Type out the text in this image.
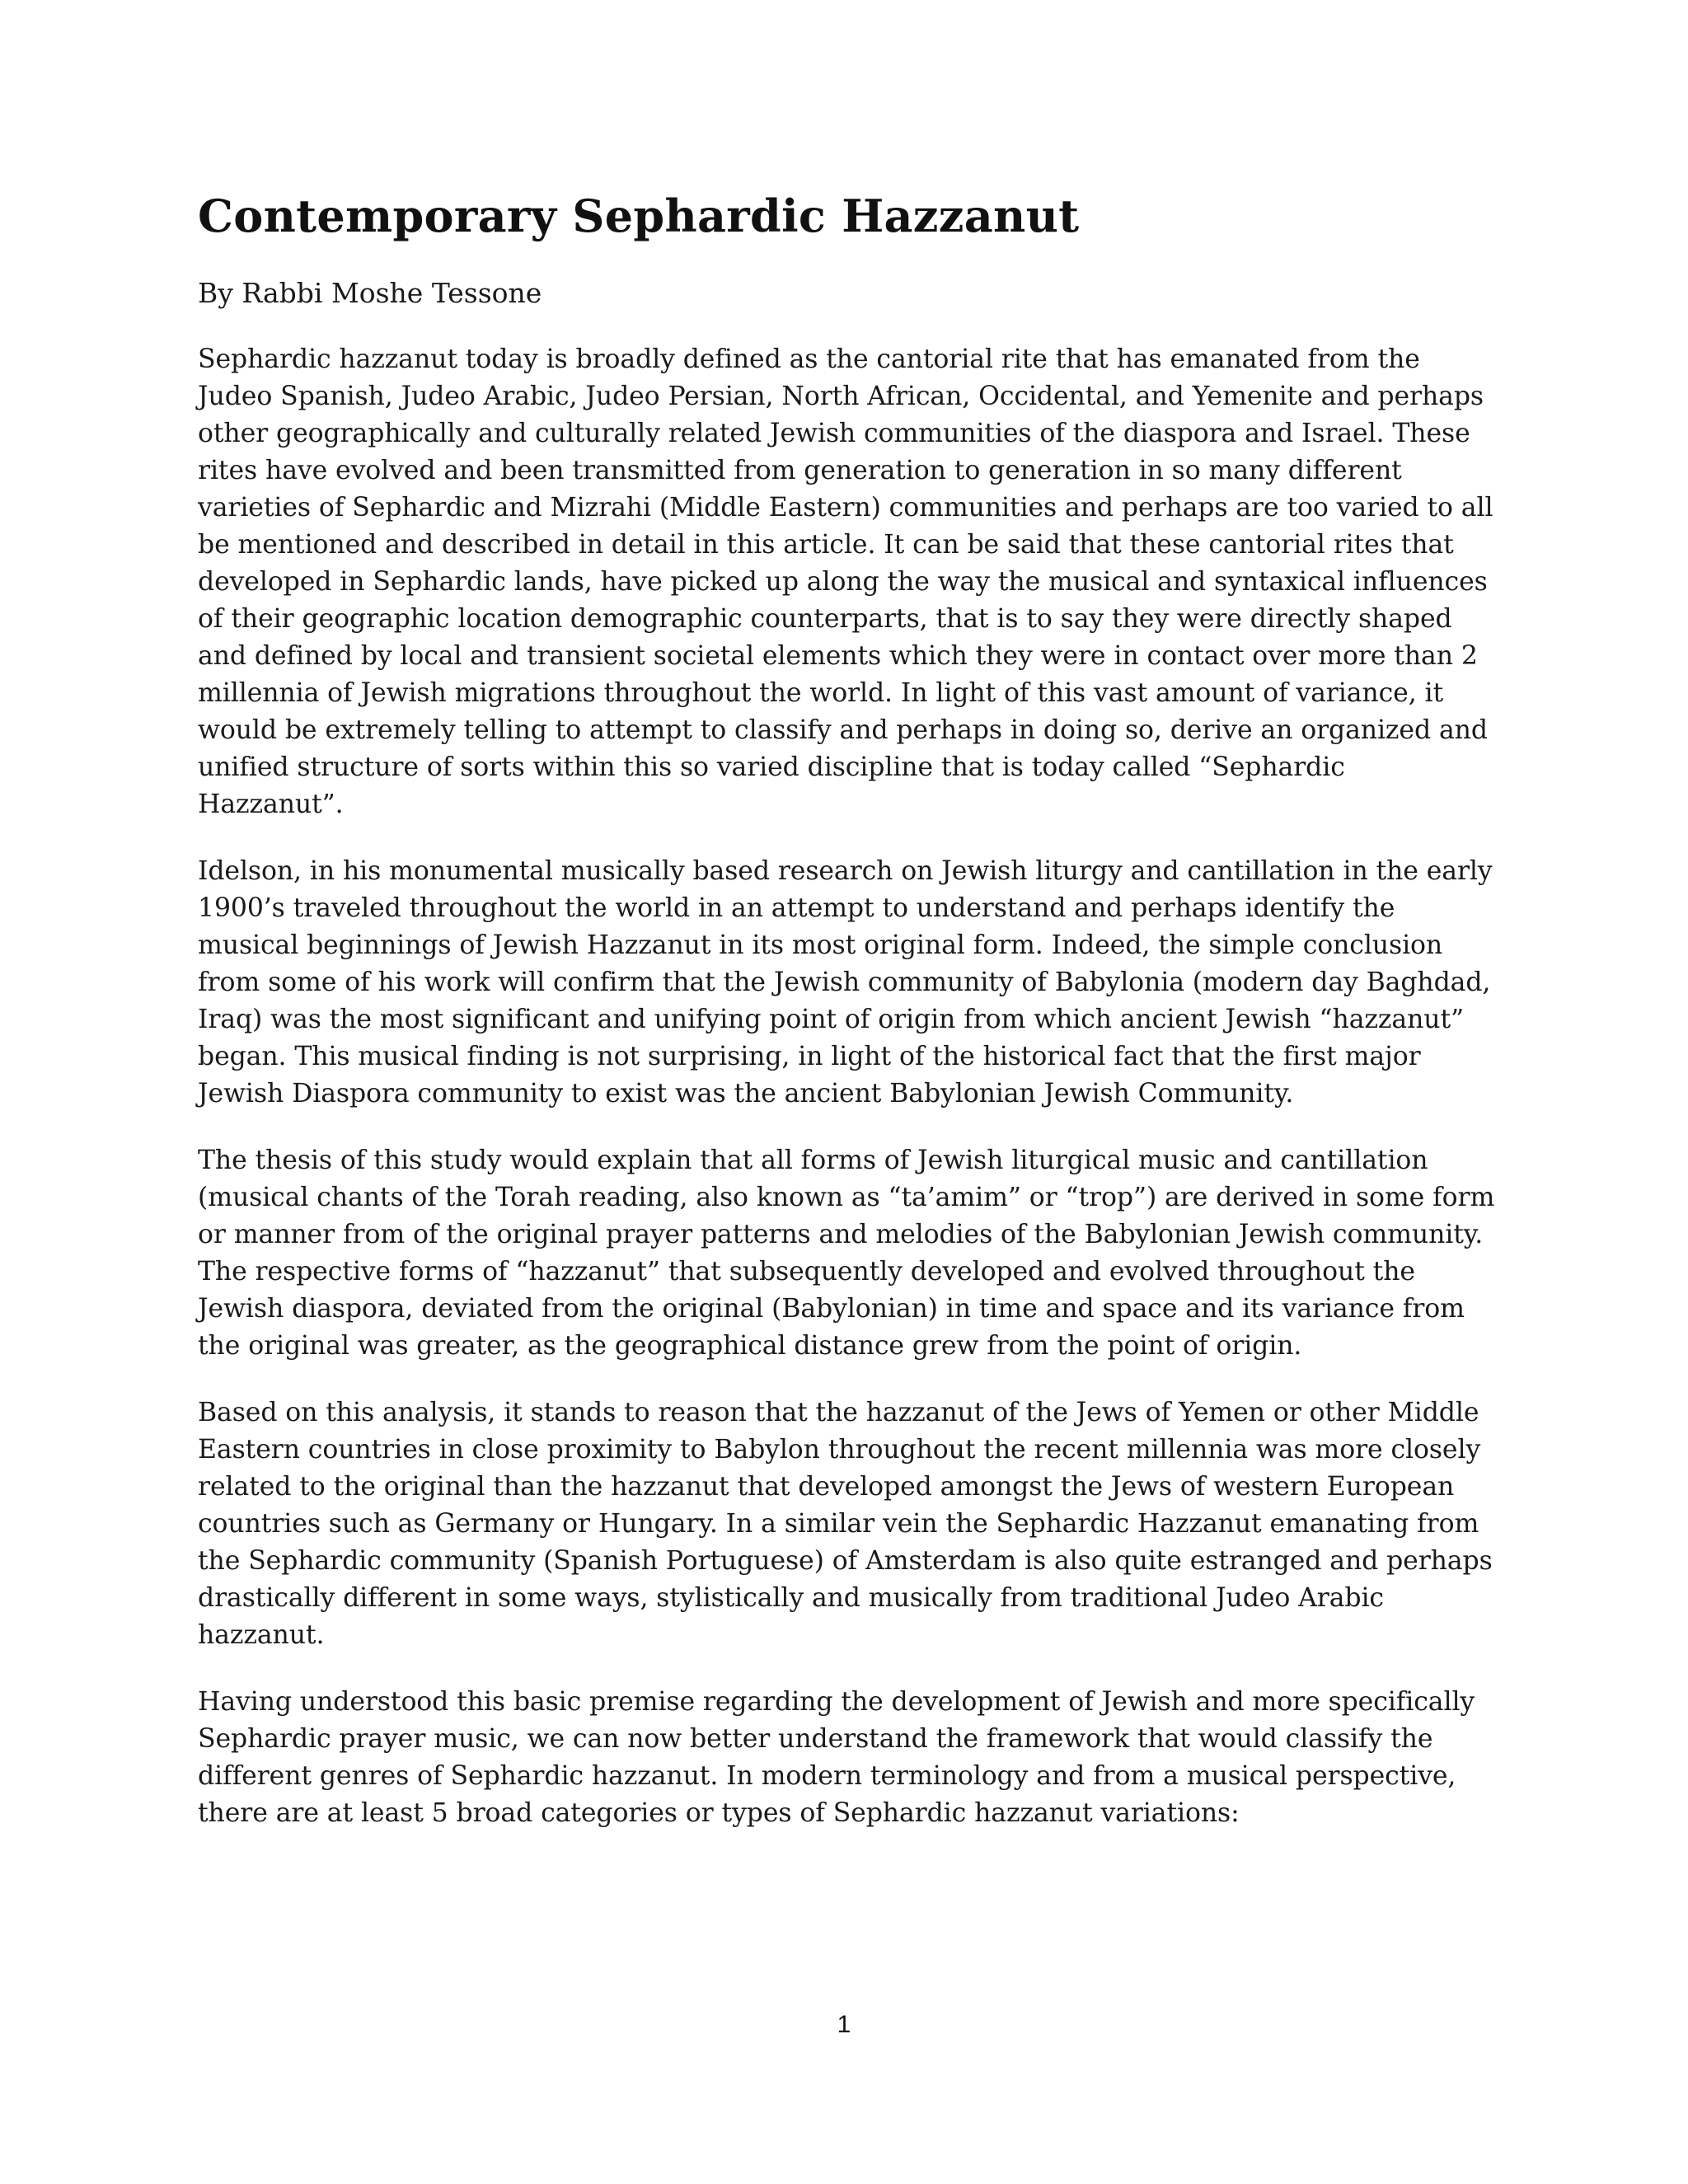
Contemporary Sephardic Hazzanut

By Rabbi Moshe Tessone

Sephardic hazzanut today is broadly defined as the cantorial rite that has emanated from the Judeo Spanish, Judeo Arabic, Judeo Persian, North African, Occidental, and Yemenite and perhaps other geographically and culturally related Jewish communities of the diaspora and Israel. These rites have evolved and been transmitted from generation to generation in so many different varieties of Sephardic and Mizrahi (Middle Eastern) communities and perhaps are too varied to all be mentioned and described in detail in this article. It can be said that these cantorial rites that developed in Sephardic lands, have picked up along the way the musical and syntaxical influences of their geographic location demographic counterparts, that is to say they were directly shaped and defined by local and transient societal elements which they were in contact over more than 2 millennia of Jewish migrations throughout the world. In light of this vast amount of variance, it would be extremely telling to attempt to classify and perhaps in doing so, derive an organized and unified structure of sorts within this so varied discipline that is today called “Sephardic Hazzanut”.

Idelson, in his monumental musically based research on Jewish liturgy and cantillation in the early 1900’s traveled throughout the world in an attempt to understand and perhaps identify the musical beginnings of Jewish Hazzanut in its most original form. Indeed, the simple conclusion from some of his work will confirm that the Jewish community of Babylonia (modern day Baghdad, Iraq) was the most significant and unifying point of origin from which ancient Jewish “hazzanut” began. This musical finding is not surprising, in light of the historical fact that the first major Jewish Diaspora community to exist was the ancient Babylonian Jewish Community.

The thesis of this study would explain that all forms of Jewish liturgical music and cantillation (musical chants of the Torah reading, also known as “ta’amim” or “trop”) are derived in some form or manner from of the original prayer patterns and melodies of the Babylonian Jewish community. The respective forms of “hazzanut” that subsequently developed and evolved throughout the Jewish diaspora, deviated from the original (Babylonian) in time and space and its variance from the original was greater, as the geographical distance grew from the point of origin.

Based on this analysis, it stands to reason that the hazzanut of the Jews of Yemen or other Middle Eastern countries in close proximity to Babylon throughout the recent millennia was more closely related to the original than the hazzanut that developed amongst the Jews of western European countries such as Germany or Hungary. In a similar vein the Sephardic Hazzanut emanating from the Sephardic community (Spanish Portuguese) of Amsterdam is also quite estranged and perhaps drastically different in some ways, stylistically and musically from traditional Judeo Arabic hazzanut.

Having understood this basic premise regarding the development of Jewish and more specifically Sephardic prayer music, we can now better understand the framework that would classify the different genres of Sephardic hazzanut. In modern terminology and from a musical perspective, there are at least 5 broad categories or types of Sephardic hazzanut variations:

1
